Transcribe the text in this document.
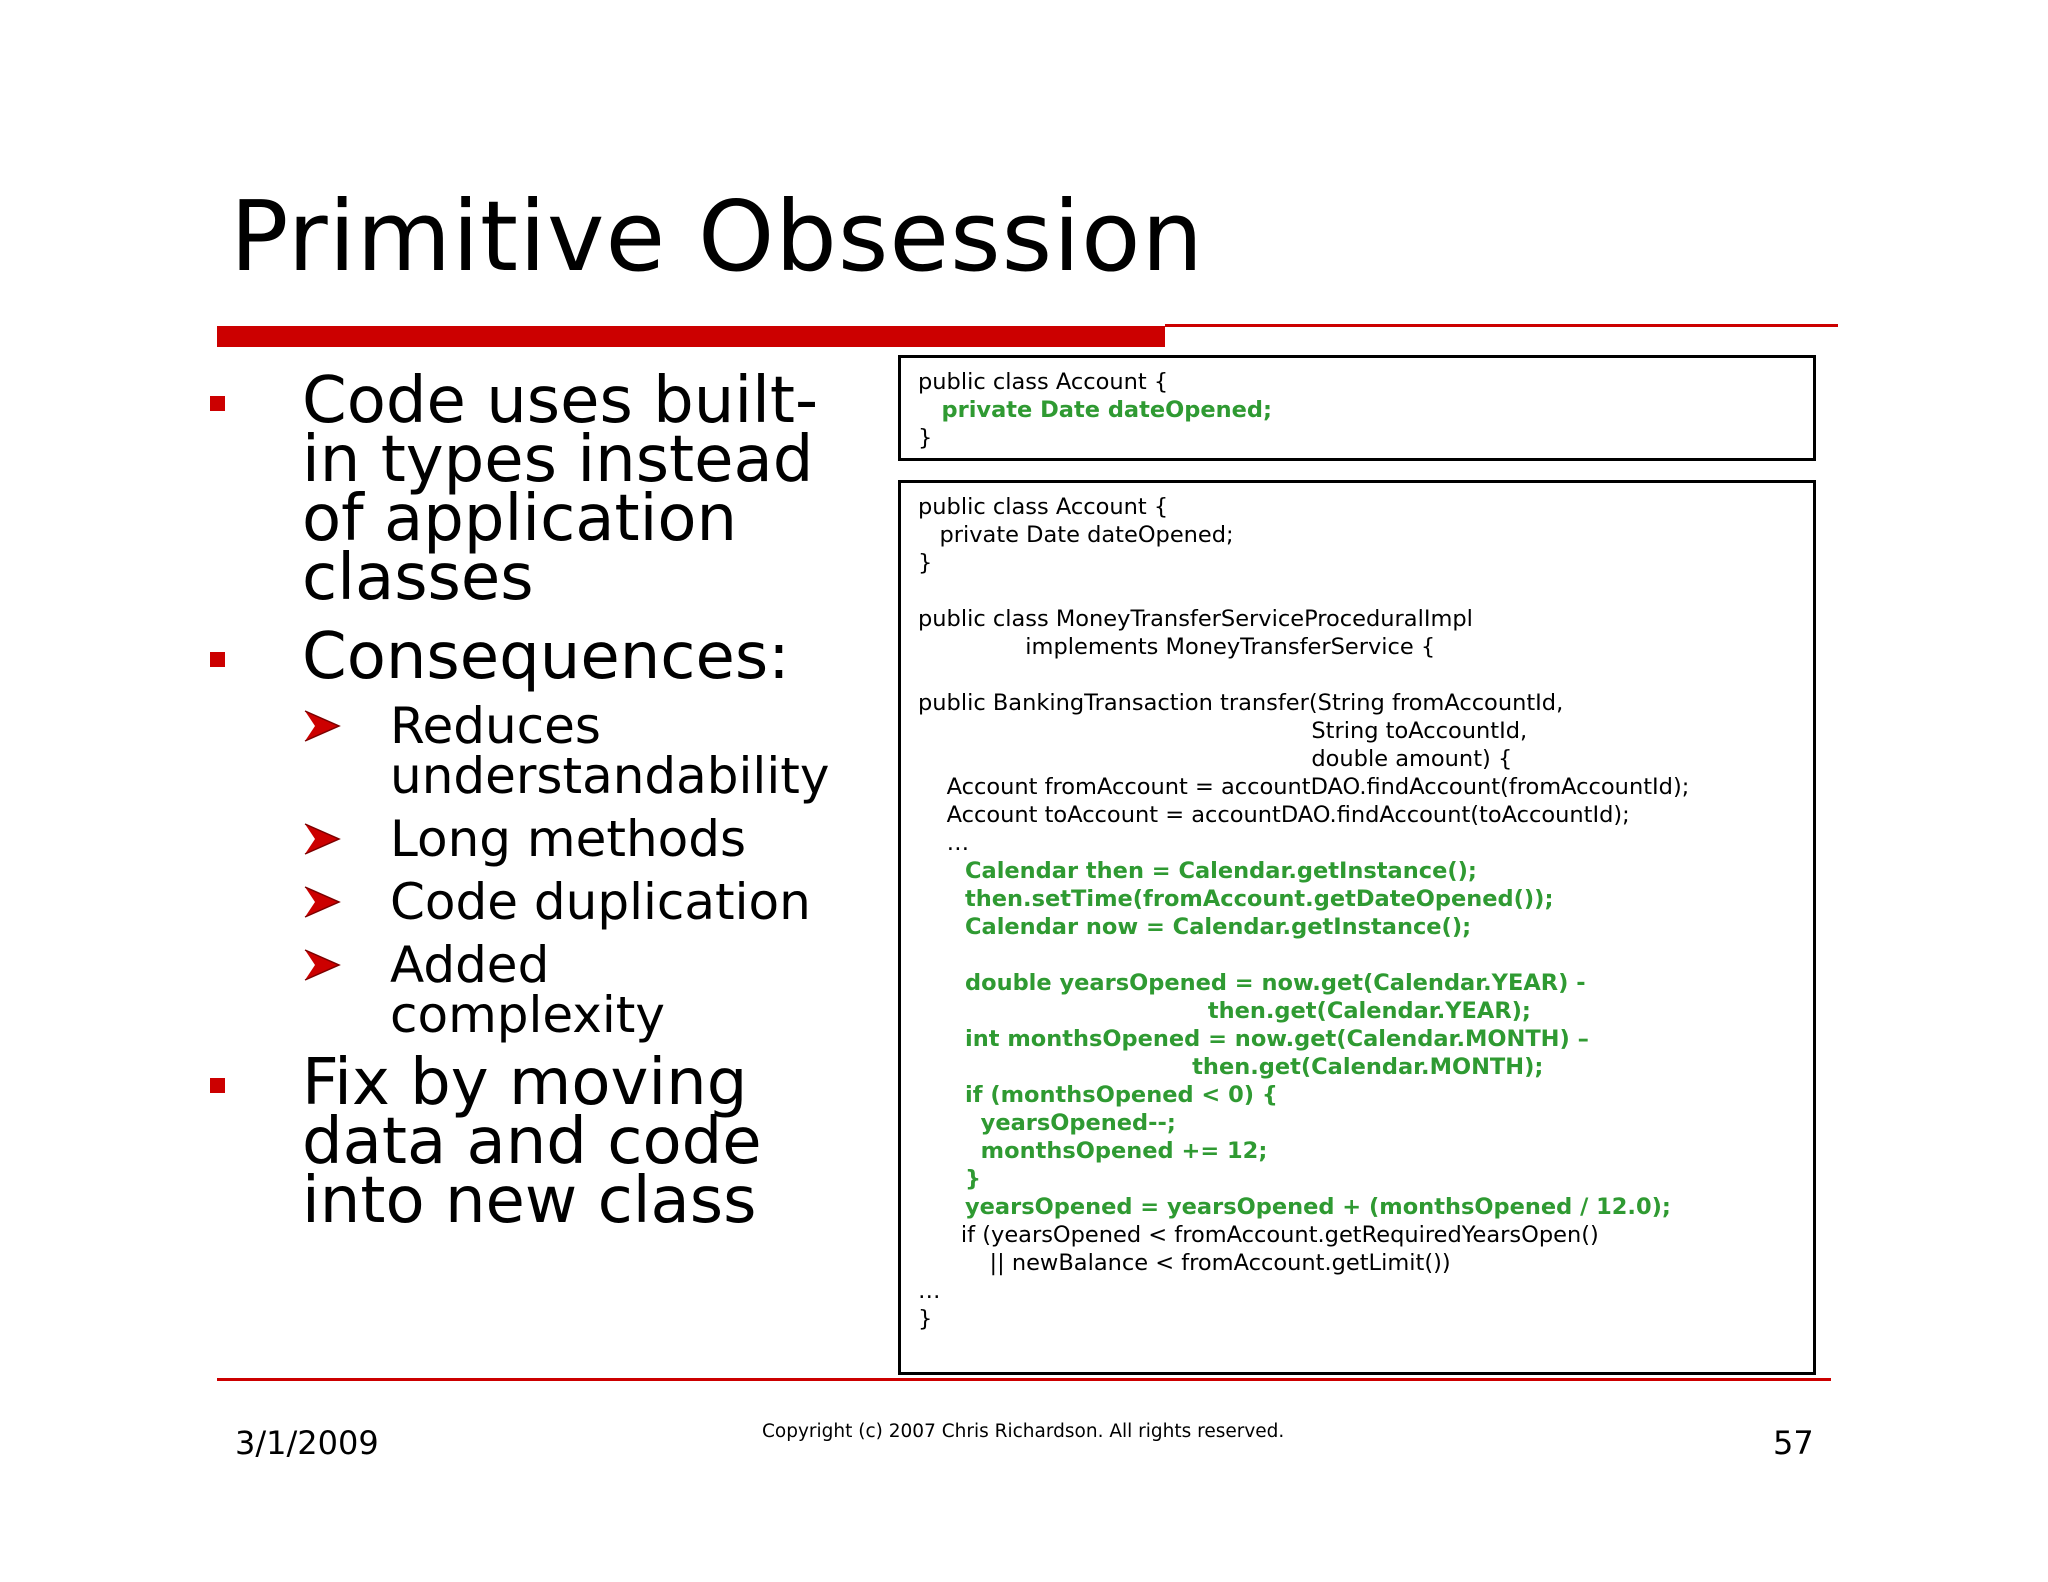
Primitive Obsession
Code uses built-
in types instead
of application
classes
Consequences:
Reduces
understandability
Long methods
Code duplication
Added
complexity
Fix by moving
data and code
into new class
public class Account {
private Date dateOpened;
}
public class Account {
private Date dateOpened;
}
public class MoneyTransferServiceProceduralImpl
implements MoneyTransferService {
public BankingTransaction transfer(String fromAccountId,
String toAccountId,
double amount) {
Account fromAccount = accountDAO.findAccount(fromAccountId);
Account toAccount = accountDAO.findAccount(toAccountId);
…
Calendar then = Calendar.getInstance();
then.setTime(fromAccount.getDateOpened());
Calendar now = Calendar.getInstance();
double yearsOpened = now.get(Calendar.YEAR) -
then.get(Calendar.YEAR);
int monthsOpened = now.get(Calendar.MONTH) –
then.get(Calendar.MONTH);
if (monthsOpened < 0) {
yearsOpened--;
monthsOpened += 12;
}
yearsOpened = yearsOpened + (monthsOpened / 12.0);
if (yearsOpened < fromAccount.getRequiredYearsOpen()
|| newBalance < fromAccount.getLimit())
…
}
3/1/2009	Copyright (c) 2007 Chris Richardson. All rights reserved.	57
